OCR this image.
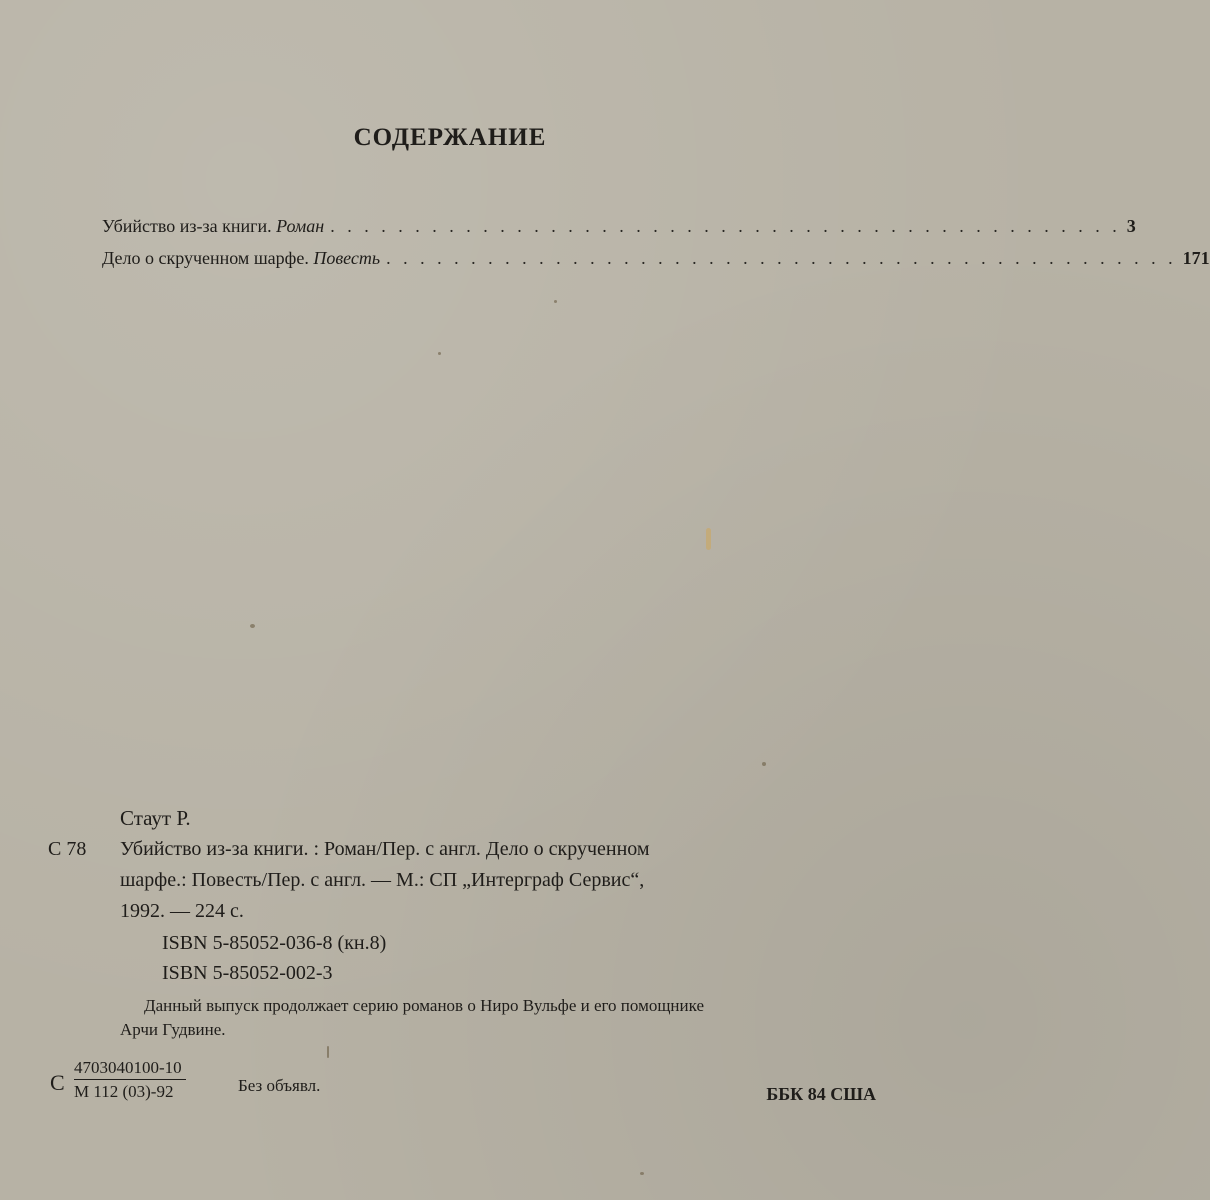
СОДЕРЖАНИЕ
Убийство из-за книги. Роман . . . . . . . . . . . . . . . . . . . . . . . . . . . . . . . . . . . . . . . . . . . . . . . 3
Дело о скрученном шарфе. Повесть . . . . . . . . . . . . . . . . . . . . . . . . . . . . . . . . . . . . . . . . . . . . . . . 171
Стаут Р.
С 78 Убийство из-за книги. : Роман/Пер. с англ. Дело о скрученном
шарфе.: Повесть/Пер. с англ. — М.: СП „Интерграф Сервис“,
1992. — 224 с.
ISBN 5-85052-036-8 (кн.8)
ISBN 5-85052-002-3
Данный выпуск продолжает серию романов о Ниро Вульфе и его помощнике
Арчи Гудвине.
С
4703040100-10
М 112 (03)-92	Без объявл.	ББК 84 США
